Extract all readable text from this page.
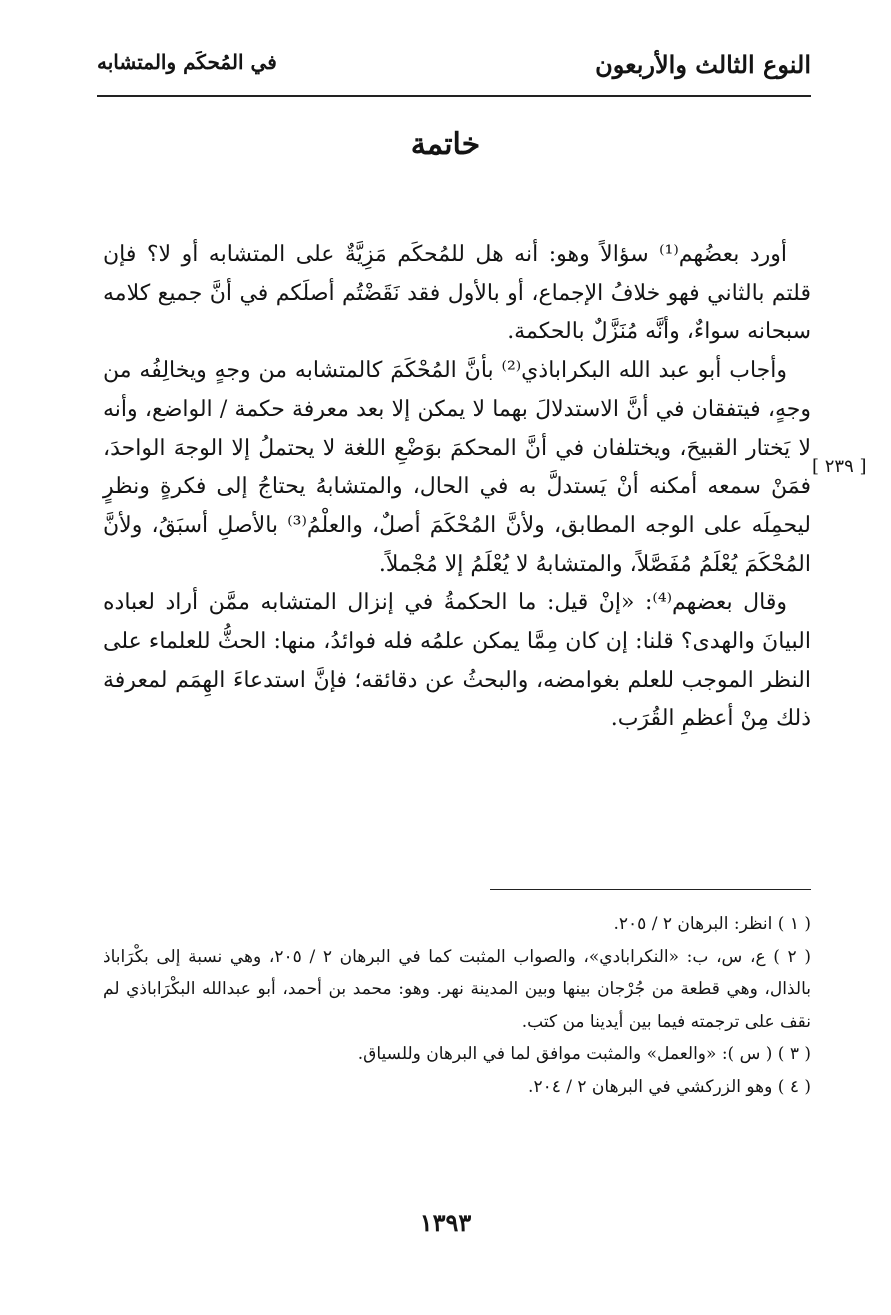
النوع الثالث والأربعون
في المُحكَم والمتشابه
خاتمة

أورد بعضُهم⁽¹⁾ سؤالاً وهو: أنه هل للمُحكَم مَزِيَّةٌ على المتشابه أو لا؟ فإن قلتم بالثاني فهو خلافُ الإجماع، أو بالأول فقد نَقَضْتُم أصلَكم في أنَّ جميع كلامه سبحانه سواءٌ، وأنَّه مُنَزَّلٌ بالحكمة.

وأجاب أبو عبد الله البكراباذي⁽²⁾ بأنَّ المُحْكَمَ كالمتشابه من وجهٍ ويخالِفُه من وجهٍ، فيتفقان في أنَّ الاستدلالَ بهما لا يمكن إلا بعد معرفة حكمة / الواضع، وأنه لا يَختار القبيحَ، ويختلفان في أنَّ المحكمَ بوَضْعِ اللغة لا يحتملُ إلا الوجهَ الواحدَ، فمَنْ سمعه أمكنه أنْ يَستدلَّ به في الحال، والمتشابهُ يحتاجُ إلى فكرةٍ ونظرٍ ليحمِلَه على الوجه المطابق، ولأنَّ المُحْكَمَ أصلٌ، والعلْمُ⁽³⁾ بالأصلِ أسبَقُ، ولأنَّ المُحْكَمَ يُعْلَمُ مُفَصَّلاً، والمتشابهُ لا يُعْلَمُ إلا مُجْملاً.

وقال بعضهم⁽⁴⁾: «إنْ قيل: ما الحكمةُ في إنزال المتشابه ممَّن أراد لعباده البيانَ والهدى؟ قلنا: إن كان مِمَّا يمكن علمُه فله فوائدُ، منها: الحثُّ للعلماء على النظر الموجب للعلم بغوامضه، والبحثُ عن دقائقه؛ فإنَّ استدعاءَ الهِمَم لمعرفة ذلك مِنْ أعظمِ القُرَب.

[ ٢٣٩ ]

( ١ ) انظر: البرهان ٢ / ٢٠٥.

( ٢ ) ع، س، ب: «النكرابادي»، والصواب المثبت كما في البرهان ٢ / ٢٠٥، وهي نسبة إلى بكْرَاباذ بالذال، وهي قطعة من جُرْجان بينها وبين المدينة نهر. وهو: محمد بن أحمد، أبو عبدالله البكْرَاباذي لم نقف على ترجمته فيما بين أيدينا من كتب.

( ٣ ) ( س ): «والعمل» والمثبت موافق لما في البرهان وللسياق.

( ٤ ) وهو الزركشي في البرهان ٢ / ٢٠٤.

١٣٩٣
